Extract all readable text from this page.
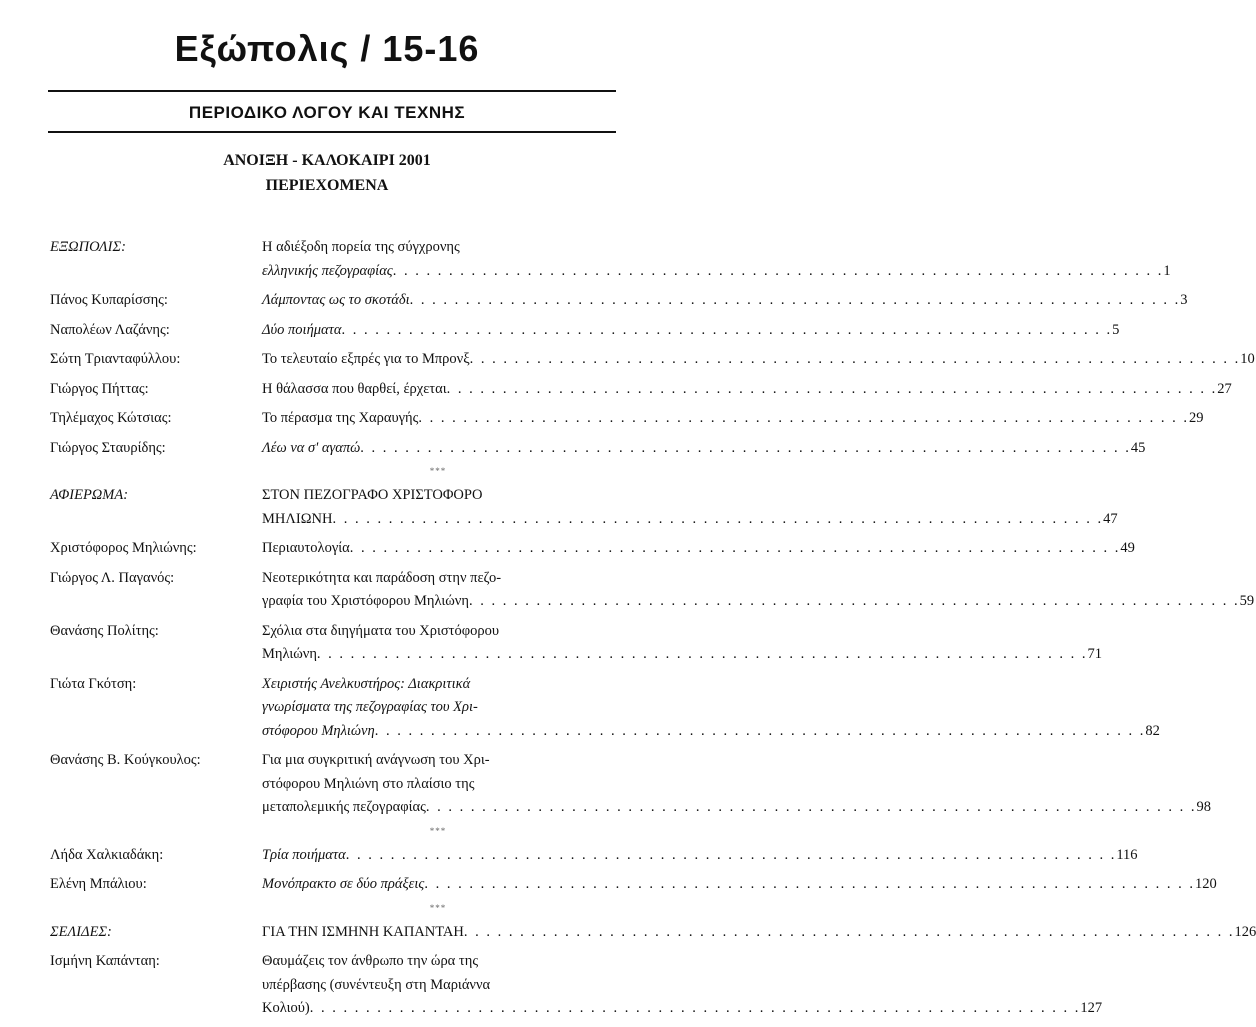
Εξώπολις / 15-16
ΠΕΡΙΟΔΙΚΟ ΛΟΓΟΥ ΚΑΙ ΤΕΧΝΗΣ
ΑΝΟΙΞΗ - ΚΑΛΟΚΑΙΡΙ 2001
ΠΕΡΙΕΧΟΜΕΝΑ
ΕΞΩΠΟΛΙΣ:	Η αδιέξοδη πορεία της σύγχρονης
ελληνικής πεζογραφίας . . .	1
Πάνος Κυπαρίσσης:	Λάμποντας ως το σκοτάδι . . .	3
Ναπολέων Λαζάνης:	Δύο ποιήματα . . .	5
Σώτη Τριανταφύλλου:	Το τελευταίο εξπρές για το Μπρονξ . . .	10
Γιώργος Πήττας:	Η θάλασσα που θαρθεί, έρχεται . . .	27
Τηλέμαχος Κώτσιας:	Το πέρασμα της Χαραυγής . . .	29
Γιώργος Σταυρίδης:	Λέω να σ' αγαπώ . . .	45
***
ΑΦΙΕΡΩΜΑ:	ΣΤΟΝ ΠΕΖΟΓΡΑΦΟ ΧΡΙΣΤΟΦΟΡΟ
ΜΗΛΙΩΝΗ . . .	47
Χριστόφορος Μηλιώνης:	Περιαυτολογία . . .	49
Γιώργος Λ. Παγανός:	Νεοτερικότητα και παράδοση στην πεζο-
γραφία του Χριστόφορου Μηλιώνη . . .	59
Θανάσης Πολίτης:	Σχόλια στα διηγήματα του Χριστόφορου
Μηλιώνη . . .	71
Γιώτα Γκότση:	Χειριστής Ανελκυστήρος: Διακριτικά
γνωρίσματα της πεζογραφίας του Χρι-
στόφορου Μηλιώνη . . .	82
Θανάσης Β. Κούγκουλος:	Για μια συγκριτική ανάγνωση του Χρι-
στόφορου Μηλιώνη στο πλαίσιο της
μεταπολεμικής πεζογραφίας . . .	98
***
Λήδα Χαλκιαδάκη:	Τρία ποιήματα . . .	116
Ελένη Μπάλιου:	Μονόπρακτο σε δύο πράξεις . . .	120
***
ΣΕΛΙΔΕΣ:	ΓΙΑ ΤΗΝ ΙΣΜΗΝΗ ΚΑΠΑΝΤΑΗ . . .	126
Ισμήνη Καπάνταη:	Θαυμάζεις τον άνθρωπο την ώρα της
υπέρβασης (συνέντευξη στη Μαριάννα
Κολιού) . . .	127
